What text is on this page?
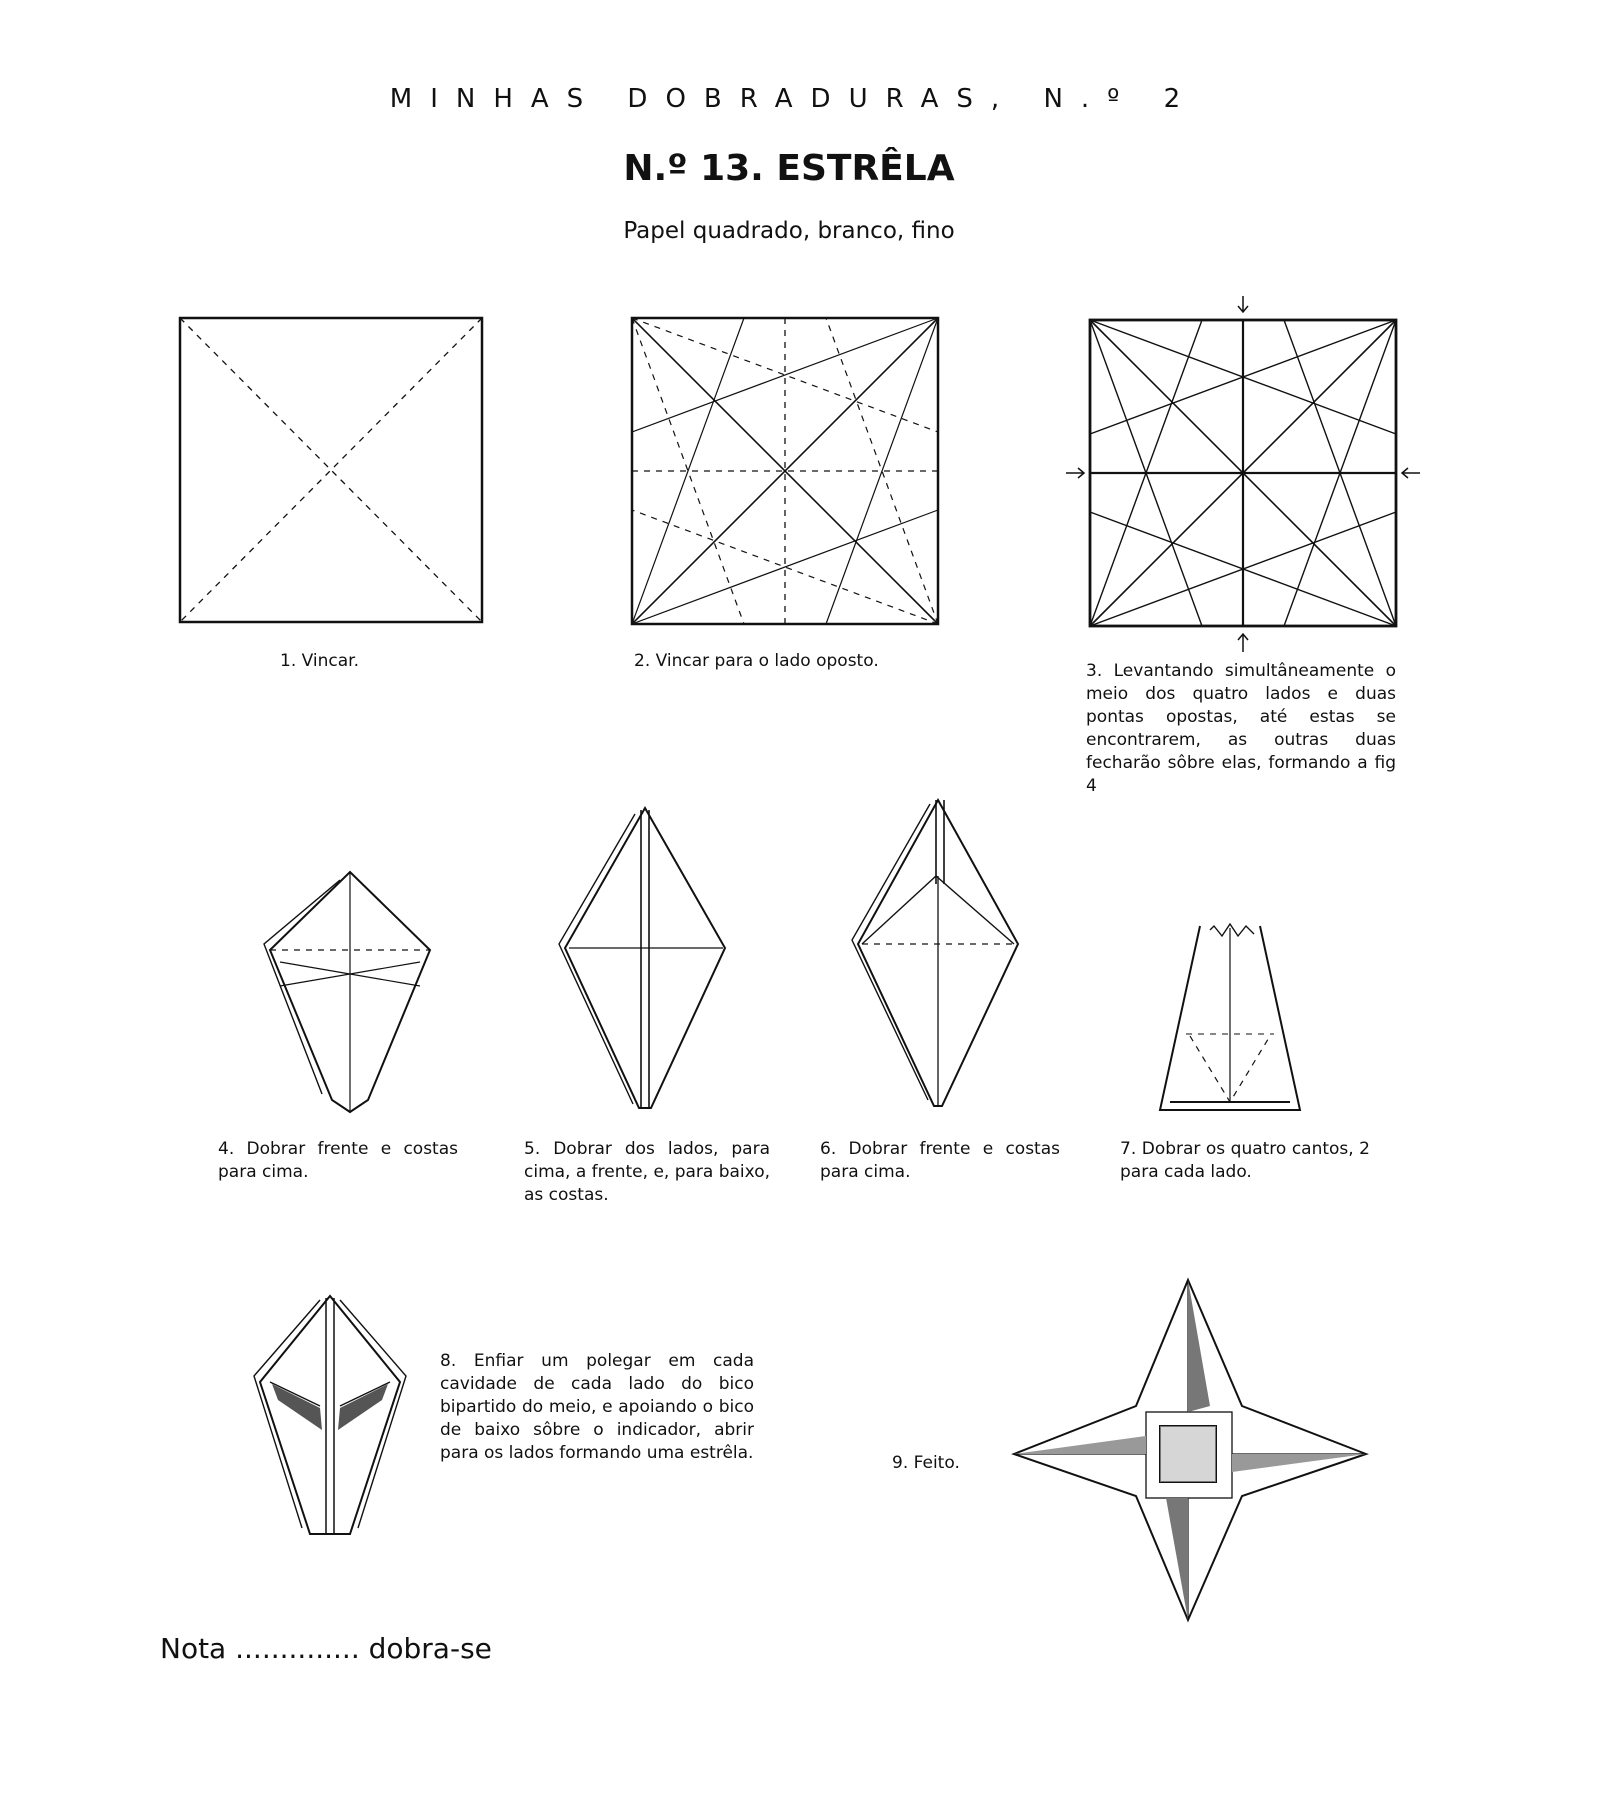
MINHAS DOBRADURAS, N.º 2
N.º 13. ESTRÊLA
Papel quadrado, branco, fino
1. Vincar.	2. Vincar para o lado oposto.	3. Levantando simultâneamente o meio dos quatro lados e duas pontas opostas, até estas se encontrarem, as outras duas fecharão sôbre elas, formando a fig 4
4. Dobrar frente e costas para cima.
5. Dobrar dos lados, para cima, a frente, e, para baixo, as costas.
6. Dobrar frente e costas para cima.
7. Dobrar os quatro cantos, 2 para cada lado.
8. Enfiar um polegar em cada cavidade de cada lado do bico bipartido do meio, e apoiando o bico de baixo sôbre o indicador, abrir para os lados formando uma estrêla.	9. Feito.
Nota .............. dobra-se
